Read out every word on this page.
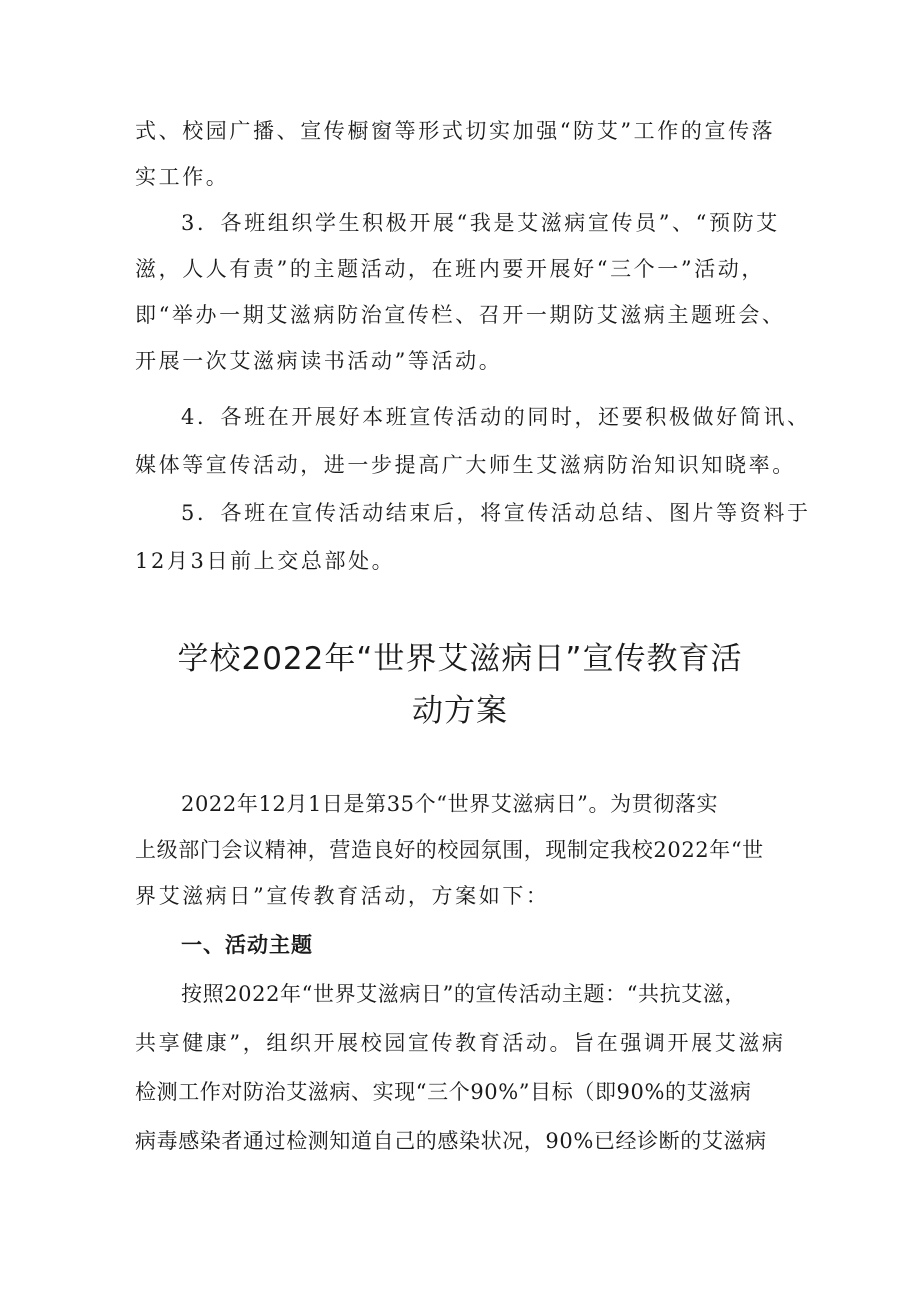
式、校园广播、宣传橱窗等形式切实加强“防艾”工作的宣传落
实工作。
3．各班组织学生积极开展“我是艾滋病宣传员”、“预防艾
滋，人人有责”的主题活动，在班内要开展好“三个一”活动，
即“举办一期艾滋病防治宣传栏、召开一期防艾滋病主题班会、
开展一次艾滋病读书活动”等活动。
4．各班在开展好本班宣传活动的同时，还要积极做好简讯、
媒体等宣传活动，进一步提高广大师生艾滋病防治知识知晓率。
5．各班在宣传活动结束后，将宣传活动总结、图片等资料于
12月3日前上交总部处。
学校2022年“世界艾滋病日”宣传教育活
动方案
2022年12月1日是第35个“世界艾滋病日”。为贯彻落实
上级部门会议精神，营造良好的校园氛围，现制定我校2022年“世
界艾滋病日”宣传教育活动，方案如下：
一、活动主题
按照2022年“世界艾滋病日”的宣传活动主题：“共抗艾滋，
共享健康”，组织开展校园宣传教育活动。旨在强调开展艾滋病
检测工作对防治艾滋病、实现“三个90%”目标（即90%的艾滋病
病毒感染者通过检测知道自己的感染状况，90%已经诊断的艾滋病
